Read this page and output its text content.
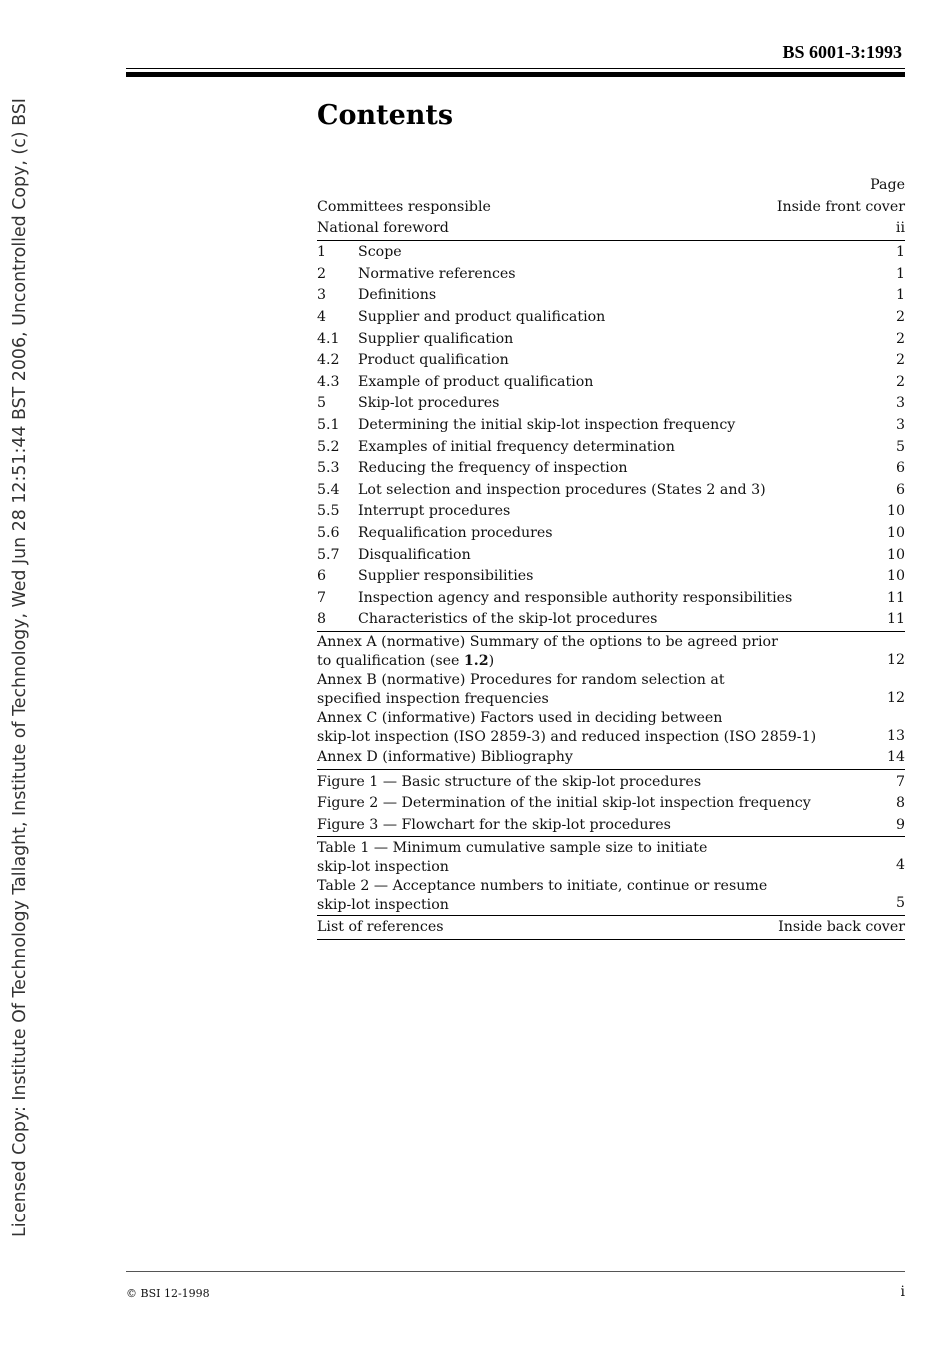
BS 6001-3:1993
Licensed Copy: Institute Of Technology Tallaght, Institute of Technology, Wed Jun 28 12:51:44 BST 2006, Uncontrolled Copy, (c) BSI	Contents
Page
Committees responsible	Inside front cover
National foreword	ii
1	Scope	1
2	Normative references	1
3	Definitions	1
4	Supplier and product qualification	2
4.1	Supplier qualification	2
4.2	Product qualification	2
4.3	Example of product qualification	2
5	Skip-lot procedures	3
5.1	Determining the initial skip-lot inspection frequency	3
5.2	Examples of initial frequency determination	5
5.3	Reducing the frequency of inspection	6
5.4	Lot selection and inspection procedures (States 2 and 3)	6
5.5	Interrupt procedures	10
5.6	Requalification procedures	10
5.7	Disqualification	10
6	Supplier responsibilities	10
7	Inspection agency and responsible authority responsibilities	11
8	Characteristics of the skip-lot procedures	11
Annex A (normative) Summary of the options to be agreed prior
to qualification (see 1.2)	12
Annex B (normative) Procedures for random selection at
specified inspection frequencies	12
Annex C (informative) Factors used in deciding between
skip-lot inspection (ISO 2859-3) and reduced inspection (ISO 2859-1)	13
Annex D (informative) Bibliography	14
Figure 1 — Basic structure of the skip-lot procedures	7
Figure 2 — Determination of the initial skip-lot inspection frequency	8
Figure 3 — Flowchart for the skip-lot procedures	9
Table 1 — Minimum cumulative sample size to initiate
skip-lot inspection	4
Table 2 — Acceptance numbers to initiate, continue or resume
skip-lot inspection	5
List of references	Inside back cover
© BSI 12-1998	i
